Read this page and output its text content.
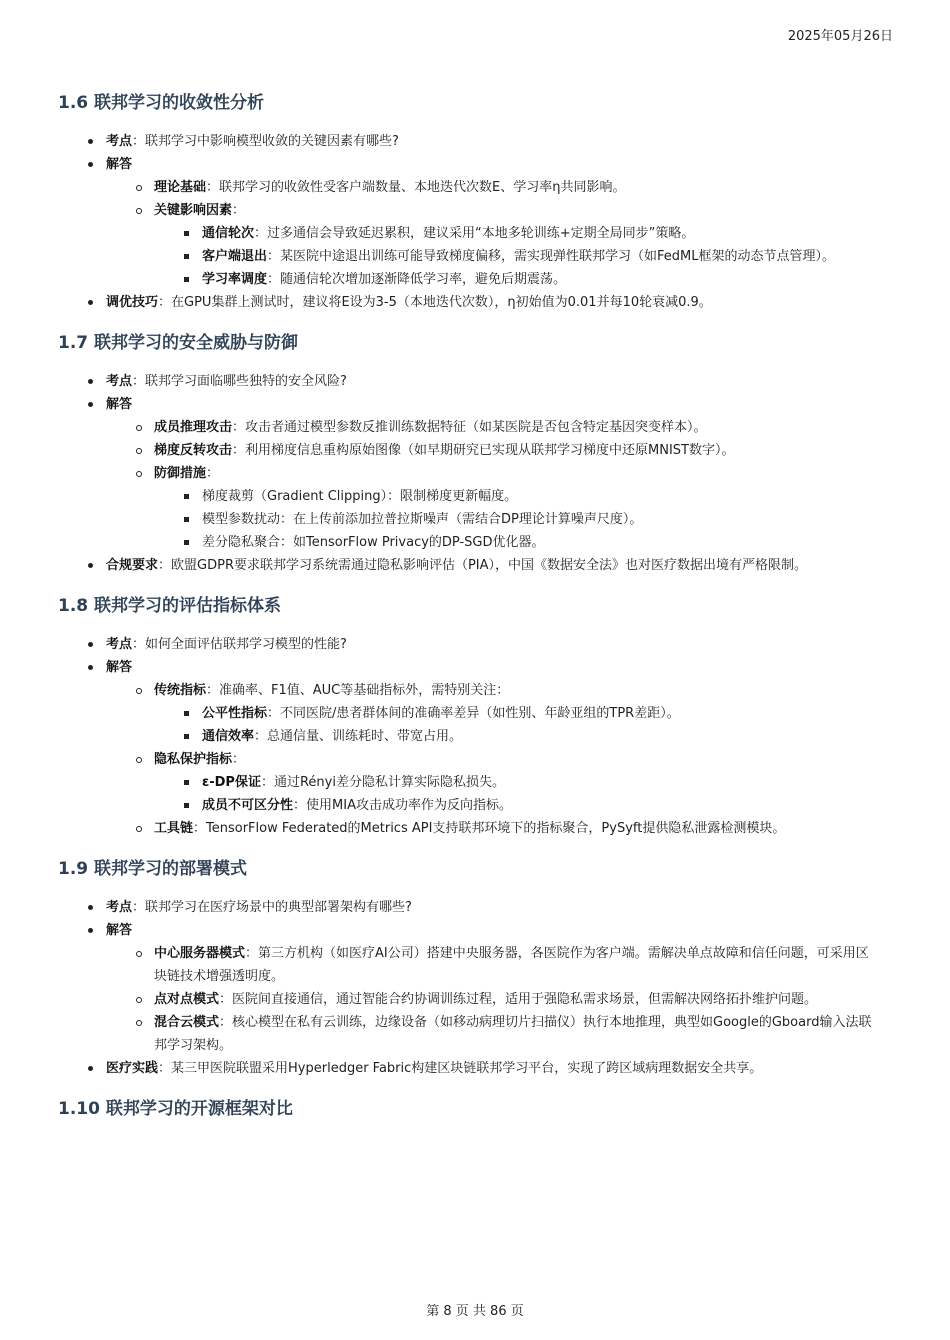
2025年05月26日
1.6 联邦学习的收敛性分析
考点：联邦学习中影响模型收敛的关键因素有哪些?
解答
理论基础：联邦学习的收敛性受客户端数量、本地迭代次数E、学习率η共同影响。
关键影响因素：
通信轮次：过多通信会导致延迟累积，建议采用“本地多轮训练+定期全局同步”策略。
客户端退出：某医院中途退出训练可能导致梯度偏移，需实现弹性联邦学习（如FedML框架的动态节点管理）。
学习率调度：随通信轮次增加逐渐降低学习率，避免后期震荡。
调优技巧：在GPU集群上测试时，建议将E设为3-5（本地迭代次数），η初始值为0.01并每10轮衰减0.9。
1.7 联邦学习的安全威胁与防御
考点：联邦学习面临哪些独特的安全风险?
解答
成员推理攻击：攻击者通过模型参数反推训练数据特征（如某医院是否包含特定基因突变样本）。
梯度反转攻击：利用梯度信息重构原始图像（如早期研究已实现从联邦学习梯度中还原MNIST数字）。
防御措施：
梯度裁剪（Gradient Clipping）：限制梯度更新幅度。
模型参数扰动：在上传前添加拉普拉斯噪声（需结合DP理论计算噪声尺度）。
差分隐私聚合：如TensorFlow Privacy的DP-SGD优化器。
合规要求：欧盟GDPR要求联邦学习系统需通过隐私影响评估（PIA），中国《数据安全法》也对医疗数据出境有严格限制。
1.8 联邦学习的评估指标体系
考点：如何全面评估联邦学习模型的性能?
解答
传统指标：准确率、F1值、AUC等基础指标外，需特别关注：
公平性指标：不同医院/患者群体间的准确率差异（如性别、年龄亚组的TPR差距）。
通信效率：总通信量、训练耗时、带宽占用。
隐私保护指标：
ε-DP保证：通过Rényi差分隐私计算实际隐私损失。
成员不可区分性：使用MIA攻击成功率作为反向指标。
工具链：TensorFlow Federated的Metrics API支持联邦环境下的指标聚合，PySyft提供隐私泄露检测模块。
1.9 联邦学习的部署模式
考点：联邦学习在医疗场景中的典型部署架构有哪些?
解答
中心服务器模式：第三方机构（如医疗AI公司）搭建中央服务器，各医院作为客户端。需解决单点故障和信任问题，可采用区块链技术增强透明度。
点对点模式：医院间直接通信，通过智能合约协调训练过程，适用于强隐私需求场景，但需解决网络拓扑维护问题。
混合云模式：核心模型在私有云训练，边缘设备（如移动病理切片扫描仪）执行本地推理，典型如Google的Gboard输入法联邦学习架构。
医疗实践：某三甲医院联盟采用Hyperledger Fabric构建区块链联邦学习平台，实现了跨区域病理数据安全共享。
1.10 联邦学习的开源框架对比
第 8 页 共 86 页
